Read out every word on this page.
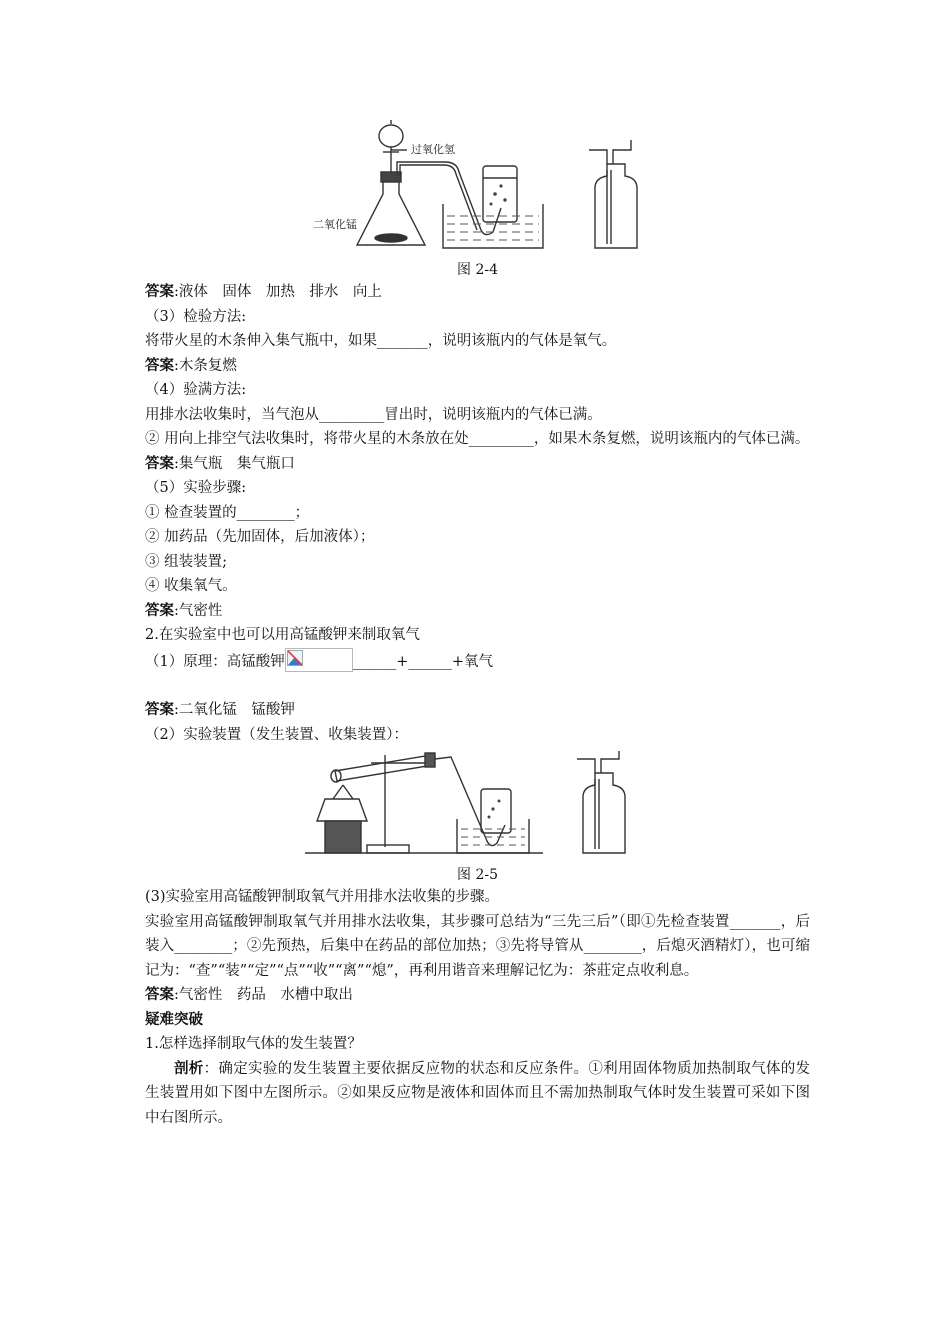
过氧化氢
二氧化锰
图 2-4
答案:液体　固体　加热　排水　向上
（3）检验方法:
将带火星的木条伸入集气瓶中，如果_______，说明该瓶内的气体是氧气。
答案:木条复燃
（4）验满方法:
用排水法收集时，当气泡从_________冒出时，说明该瓶内的气体已满。
② 用向上排空气法收集时，将带火星的木条放在处_________，如果木条复燃，说明该瓶内的气体已满。
答案:集气瓶　集气瓶口
（5）实验步骤:
① 检查装置的________；
② 加药品（先加固体，后加液体）；
③ 组装装置;
④ 收集氧气。
答案:气密性
2.在实验室中也可以用高锰酸钾来制取氧气
（1）原理：高锰酸钾	______+______+氧气
答案:二氧化锰　锰酸钾
（2）实验装置（发生装置、收集装置）：
图 2-5
(3)实验室用高锰酸钾制取氧气并用排水法收集的步骤。
实验室用高锰酸钾制取氧气并用排水法收集，其步骤可总结为“三先三后”（即①先检查装置_______，后装入________；②先预热，后集中在药品的部位加热；③先将导管从________，后熄灭酒精灯），也可缩记为：“查”“装”“定”“点”“收”“离”“熄”，再利用谐音来理解记忆为：茶莊定点收利息。
答案:气密性　药品　水槽中取出
疑难突破
1.怎样选择制取气体的发生装置？
剖析：确定实验的发生装置主要依据反应物的状态和反应条件。①利用固体物质加热制取气体的发生装置用如下图中左图所示。②如果反应物是液体和固体而且不需加热制取气体时发生装置可采如下图中右图所示。
